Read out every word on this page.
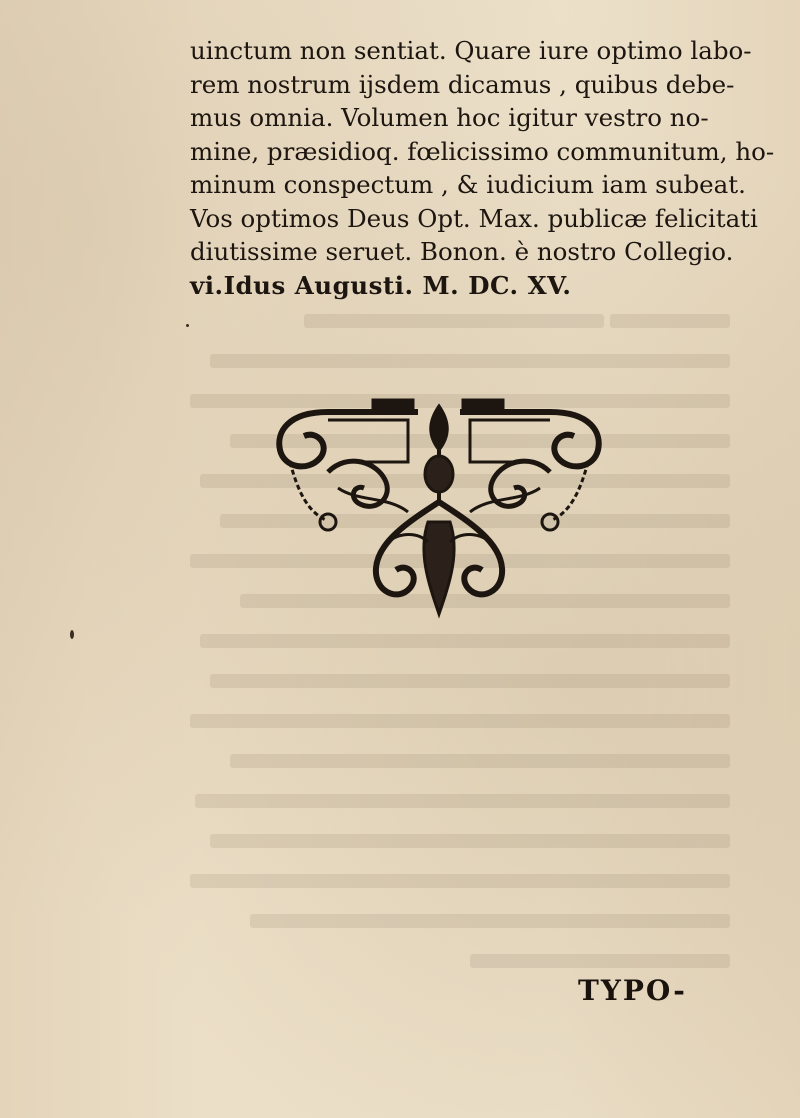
uinctum non sentiat. Quare iure optimo labo-
rem nostrum ijsdem dicamus , quibus debe-
mus omnia. Volumen hoc igitur vestro no-
mine, præsidioq. fœlicissimo communitum, ho-
minum conspectum , & iudicium iam subeat.
Vos optimos Deus Opt. Max. publicæ felicitati
diutissime seruet. Bonon. è nostro Collegio.
vi.Idus Augusti. M. DC. XV.
TYPO-
